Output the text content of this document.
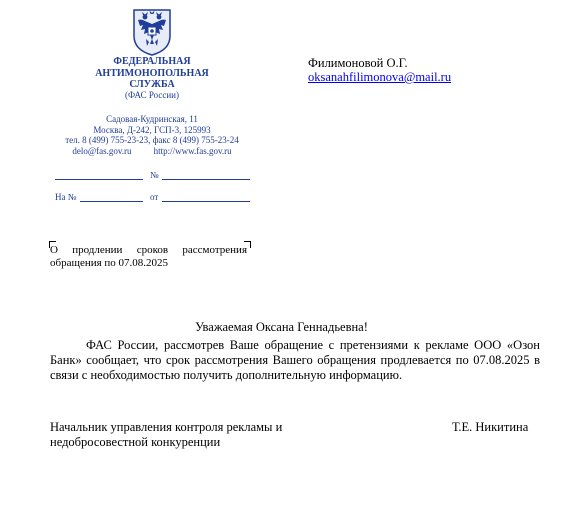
ФЕДЕРАЛЬНАЯ
АНТИМОНОПОЛЬНАЯ
СЛУЖБА
(ФАС России)
Садовая-Кудринская, 11
Москва, Д-242, ГСП-3, 125993
тел. 8 (499) 755-23-23, факс 8 (499) 755-23-24
delo@fas.gov.ru http://www.fas.gov.ru
№
На №	от
Филимоновой О.Г.
oksanahfilimonova@mail.ru
О продлении сроков рассмотрения
обращения по 07.08.2025
Уважаемая Оксана Геннадьевна!
ФАС России, рассмотрев Ваше обращение с претензиями к рекламе ООО «Озон Банк» сообщает, что срок рассмотрения Вашего обращения продлевается по 07.08.2025 в связи с необходимостью получить дополнительную информацию.
Начальник управления контроля рекламы и
недобросовестной конкуренции
Т.Е. Никитина
